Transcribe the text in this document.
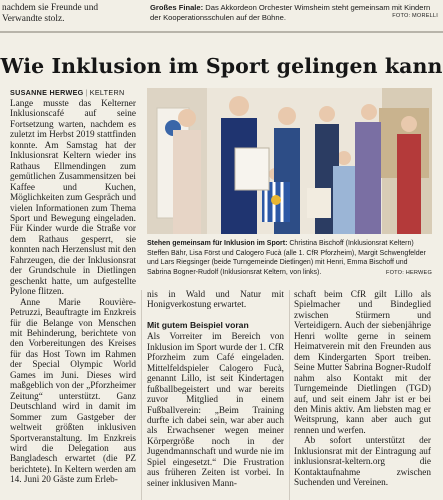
nachdem sie Freunde und Verwandte stolz.
Großes Finale: Das Akkordeon Orchester Wimsheim steht gemeinsam mit Kindern der Kooperationsschulen auf der Bühne.	FOTO: MORELLI
Wie Inklusion im Sport gelingen kann
SUSANNE HERWEG | KELTERN

Lange musste das Kelterner Inklusionscafé auf seine Fortsetzung warten, nachdem es zuletzt im Herbst 2019 stattfinden konnte. Am Samstag hat der Inklusionsrat Keltern wieder ins Rathaus Ellmendingen zum gemütlichen Zusammensitzen bei Kaffee und Kuchen, Möglichkeiten zum Gespräch und vielen Informationen zum Thema Sport und Bewegung eingeladen. Für Kinder wurde die Straße vor dem Rathaus gesperrt, sie konnten nach Herzenslust mit den Fahrzeugen, die der Inklusionsrat der Grundschule in Dietlingen geschenkt hatte, um aufgestellte Pylone flitzen.

Anne Marie Rouvière-Petruzzi, Beauftragte im Enzkreis für die Belange von Menschen mit Behinderung, berichtete von den Vorbereitungen des Kreises für das Host Town im Rahmen der Special Olympic World Games im Juni. Dieses wird maßgeblich von der „Pforzheimer Zeitung“ unterstützt. Ganz Deutschland wird in damit im Sommer zum Gastgeber der weltweit größten inklusiven Sportveranstaltung. Im Enzkreis wird die Delegation aus Bangladesch erwartet (die PZ berichtete). In Keltern werden am 14. Juni 20 Gäste zum Erleb-

Stehen gemeinsam für Inklusion im Sport: Christina Bischoff (Inklusionsrat Keltern) Steffen Bähr, Lisa Först und Calogero Fucà (alle 1. CfR Pforzheim), Margit Schwengfelder und Lars Riegsinger (beide Turngemeinde Dietlingen) mit Henri, Emma Bischoff und Sabrina Bogner-Rudolf (Inklusionsrat Keltern, von links).	FOTO: HERWEG

nis in Wald und Natur mit Honigverkostung erwartet.

Mit gutem Beispiel voran

Als Vorreiter im Bereich von Inklusion im Sport wurde der 1. CfR Pforzheim zum Café eingeladen. Mittelfeldspieler Calogero Fucà, genannt Lillo, ist seit Kindertagen fußballbegeistert und war bereits zuvor Mitglied in einem Fußballverein: „Beim Training durfte ich dabei sein, war aber auch als Erwachsener wegen meiner Körpergröße noch in der Jugendmannschaft und wurde nie im Spiel eingesetzt.“ Die Frustration aus früheren Zeiten ist vorbei. In seiner inklusiven Mann-

schaft beim CfR gilt Lillo als Spielmacher und Bindeglied zwischen Stürmern und Verteidigern. Auch der siebenjährige Henri wollte gerne in seinem Heimatverein mit den Freunden aus dem Kindergarten Sport treiben. Seine Mutter Sabrina Bogner-Rudolf nahm also Kontakt mit der Turngemeinde Dietlingen (TGD) auf, und seit einem Jahr ist er bei den Minis aktiv. Am liebsten mag er Weitsprung, kann aber auch gut rennen und werfen.

Ab sofort unterstützt der Inklusionsrat mit der Eintragung auf inklusionsrat-keltern.org die Kontaktaufnahme zwischen Suchenden und Vereinen.
